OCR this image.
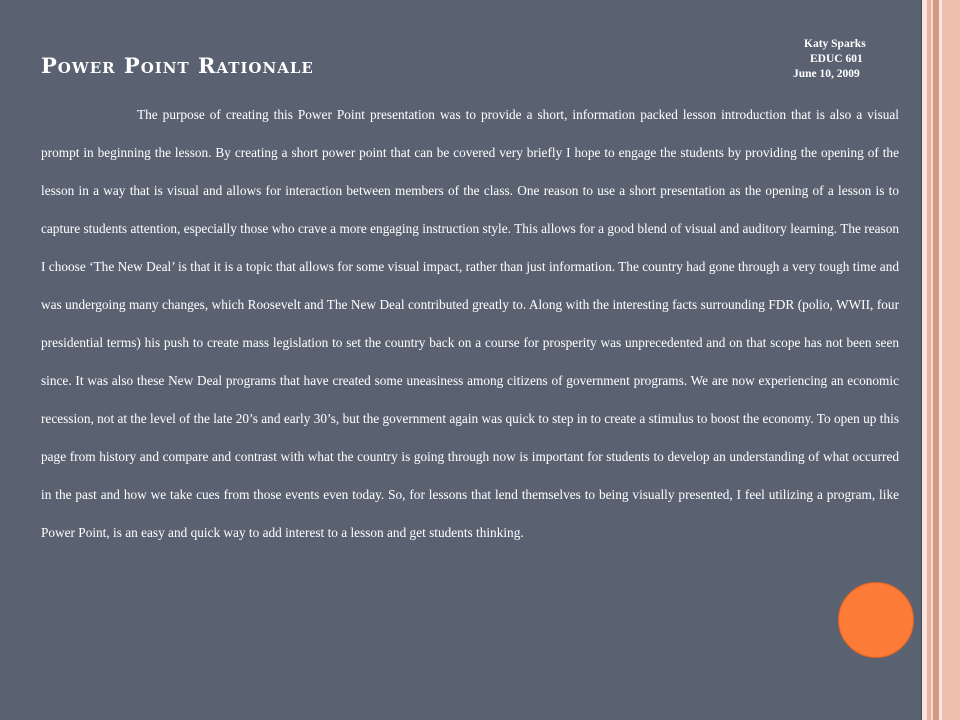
Power Point Rationale
Katy Sparks
EDUC 601
June 10, 2009

The purpose of creating this Power Point presentation was to provide a short, information packed lesson introduction that is also a visual prompt in beginning the lesson. By creating a short power point that can be covered very briefly I hope to engage the students by providing the opening of the lesson in a way that is visual and allows for interaction between members of the class. One reason to use a short presentation as the opening of a lesson is to capture students attention, especially those who crave a more engaging instruction style. This allows for a good blend of visual and auditory learning. The reason I choose ‘The New Deal’ is that it is a topic that allows for some visual impact, rather than just information. The country had gone through a very tough time and was undergoing many changes, which Roosevelt and The New Deal contributed greatly to. Along with the interesting facts surrounding FDR (polio, WWII, four presidential terms) his push to create mass legislation to set the country back on a course for prosperity was unprecedented and on that scope has not been seen since. It was also these New Deal programs that have created some uneasiness among citizens of government programs. We are now experiencing an economic recession, not at the level of the late 20’s and early 30’s, but the government again was quick to step in to create a stimulus to boost the economy. To open up this page from history and compare and contrast with what the country is going through now is important for students to develop an understanding of what occurred in the past and how we take cues from those events even today. So, for lessons that lend themselves to being visually presented, I feel utilizing a program, like Power Point, is an easy and quick way to add interest to a lesson and get students thinking.
